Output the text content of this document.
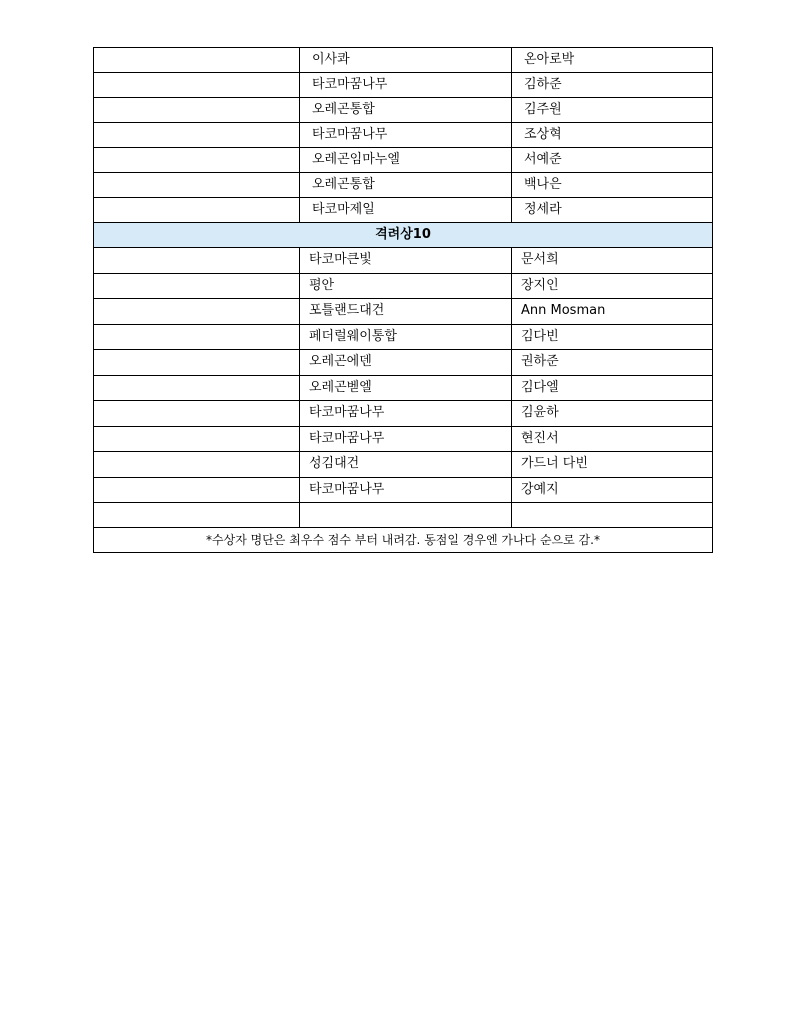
	이사콰	온아로박
	타코마꿈나무	김하준
	오레곤통합	김주원
	타코마꿈나무	조상혁
	오레곤임마누엘	서예준
	오레곤통합	백나은
	타코마제일	정세라
격려상10		
	타코마큰빛	문서희
	평안	장지인
	포틀랜드대건	Ann Mosman
	페더럴웨이통합	김다빈
	오레곤에덴	권하준
	오레곤벧엘	김다엘
	타코마꿈나무	김윤하
	타코마꿈나무	현진서
	성김대건	가드너 다빈
	타코마꿈나무	강예지

*수상자 명단은 최우수 점수 부터 내려감. 동점일 경우엔 가나다 순으로 감.*		
